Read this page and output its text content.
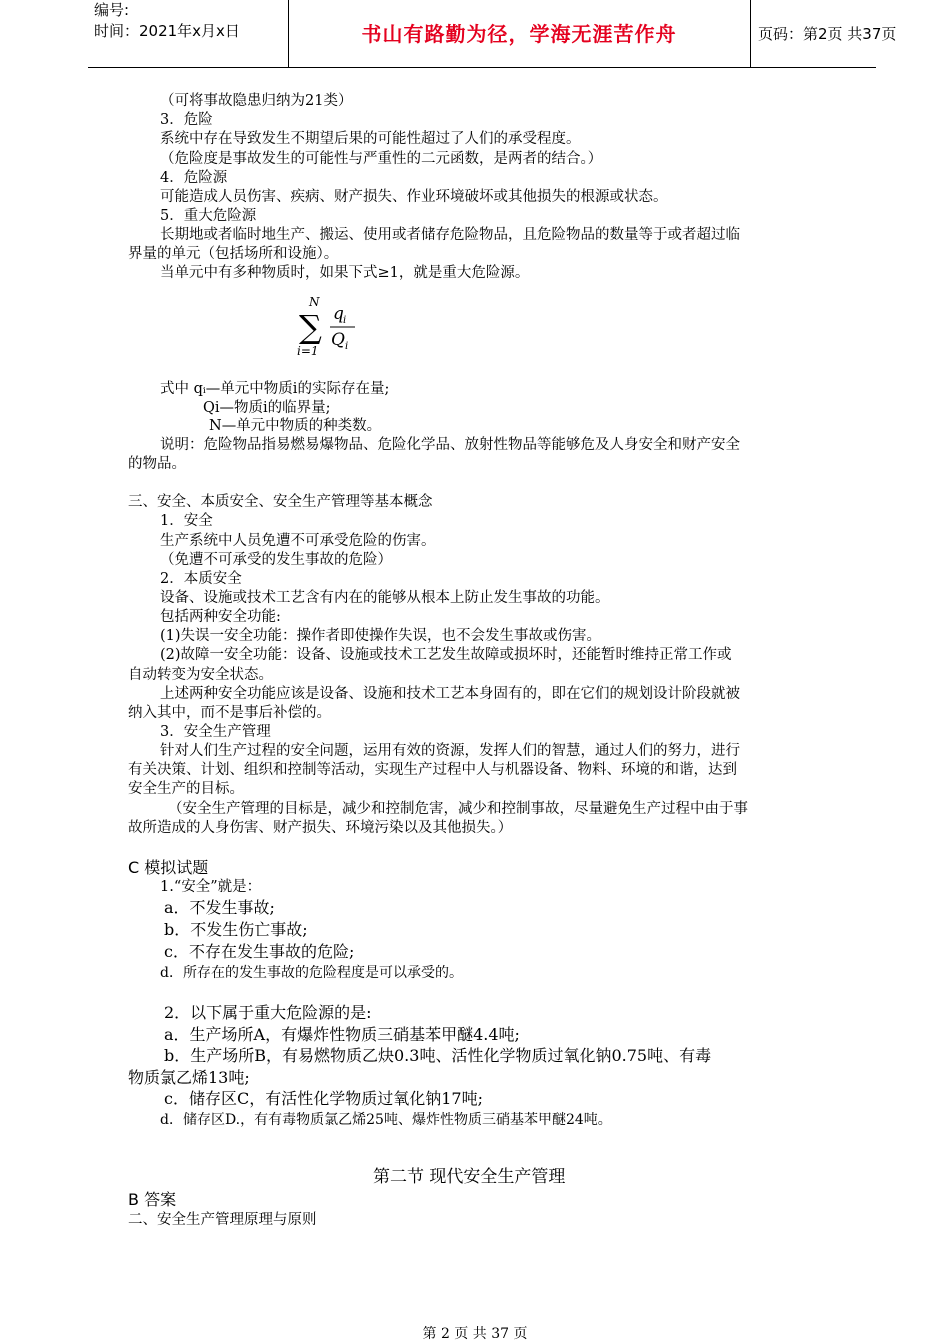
编号:
时间：2021年x月x日	书山有路勤为径，学海无涯苦作舟	页码：第2页 共37页

（可将事故隐患归纳为21类）

3．危险

系统中存在导致发生不期望后果的可能性超过了人们的承受程度。

（危险度是事故发生的可能性与严重性的二元函数，是两者的结合。）

4．危险源

可能造成人员伤害、疾病、财产损失、作业环境破坏或其他损失的根源或状态。

5．重大危险源

长期地或者临时地生产、搬运、使用或者储存危险物品，且危险物品的数量等于或者超过临

界量的单元（包括场所和设施）。

当单元中有多种物质时，如果下式≥1，就是重大危险源。

N
∑
i=1
q i
Q i

式中 qᵢ—单元中物质i的实际存在量;

Qi—物质i的临界量;

N—单元中物质的种类数。

说明：危险物品指易燃易爆物品、危险化学品、放射性物品等能够危及人身安全和财产安全

的物品。

三、安全、本质安全、安全生产管理等基本概念

1．安全

生产系统中人员免遭不可承受危险的伤害。

（免遭不可承受的发生事故的危险）

2．本质安全

设备、设施或技术工艺含有内在的能够从根本上防止发生事故的功能。

包括两种安全功能:

(1)失误一安全功能：操作者即使操作失误，也不会发生事故或伤害。

(2)故障一安全功能：设备、设施或技术工艺发生故障或损坏时，还能暂时维持正常工作或

自动转变为安全状态。

上述两种安全功能应该是设备、设施和技术工艺本身固有的，即在它们的规划设计阶段就被

纳入其中，而不是事后补偿的。

3．安全生产管理

针对人们生产过程的安全问题，运用有效的资源，发挥人们的智慧，通过人们的努力，进行

有关决策、计划、组织和控制等活动，实现生产过程中人与机器设备、物料、环境的和谐，达到

安全生产的目标。

（安全生产管理的目标是，减少和控制危害，减少和控制事故，尽量避免生产过程中由于事

故所造成的人身伤害、财产损失、环境污染以及其他损失。）

C 模拟试题

1.“安全”就是：

a．不发生事故;

b．不发生伤亡事故;

c．不存在发生事故的危险;

d．所存在的发生事故的危险程度是可以承受的。

2．以下属于重大危险源的是:

a．生产场所A，有爆炸性物质三硝基苯甲醚4.4吨;

b．生产场所B，有易燃物质乙炔0.3吨、活性化学物质过氧化钠0.75吨、有毒

物质氯乙烯13吨;

c．储存区C，有活性化学物质过氧化钠17吨;

d．储存区D.，有有毒物质氯乙烯25吨、爆炸性物质三硝基苯甲醚24吨。

第二节 现代安全生产管理

B 答案

二、安全生产管理原理与原则

第 2 页 共 37 页
